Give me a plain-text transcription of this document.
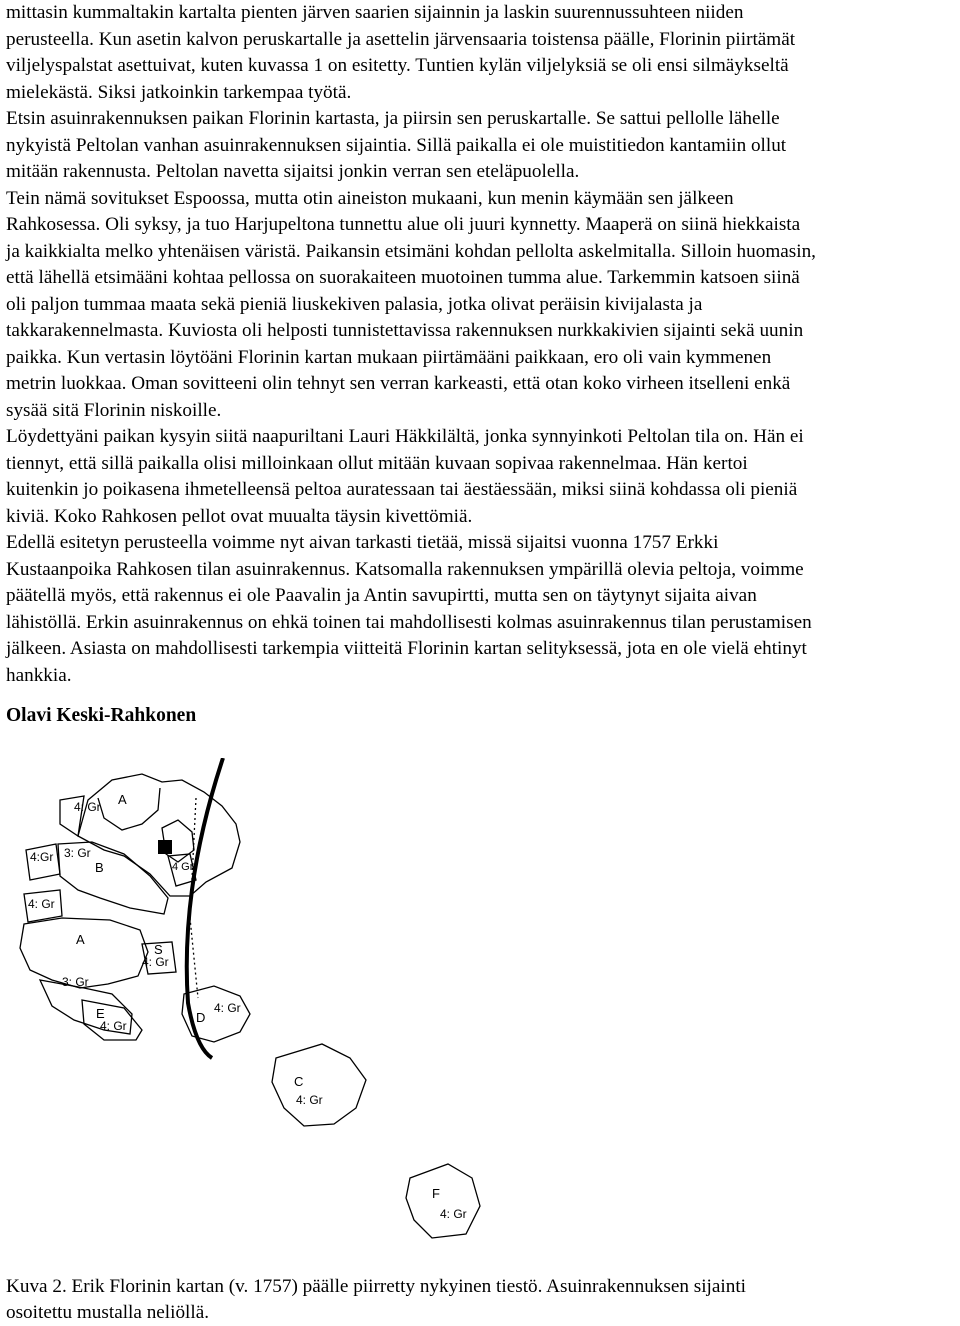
mittasin kummaltakin kartalta pienten järven saarien sijainnin ja laskin suurennussuhteen niiden
perusteella. Kun asetin kalvon peruskartalle ja asettelin järvensaaria toistensa päälle, Florinin piirtämät
viljelyspalstat asettuivat, kuten kuvassa 1 on esitetty. Tuntien kylän viljelyksiä se oli ensi silmäykseltä
mielekästä. Siksi jatkoinkin tarkempaa työtä.

Etsin asuinrakennuksen paikan Florinin kartasta, ja piirsin sen peruskartalle. Se sattui pellolle lähelle
nykyistä Peltolan vanhan asuinrakennuksen sijaintia. Sillä paikalla ei ole muistitiedon kantamiin ollut
mitään rakennusta. Peltolan navetta sijaitsi jonkin verran sen eteläpuolella.

Tein nämä sovitukset Espoossa, mutta otin aineiston mukaani, kun menin käymään sen jälkeen
Rahkosessa. Oli syksy, ja tuo Harjupeltona tunnettu alue oli juuri kynnetty. Maaperä on siinä hiekkaista
ja kaikkialta melko yhtenäisen väristä. Paikansin etsimäni kohdan pellolta askelmitalla. Silloin huomasin,
että lähellä etsimääni kohtaa pellossa on suorakaiteen muotoinen tumma alue. Tarkemmin katsoen siinä
oli paljon tummaa maata sekä pieniä liuskekiven palasia, jotka olivat peräisin kivijalasta ja
takkarakennelmasta. Kuviosta oli helposti tunnistettavissa rakennuksen nurkkakivien sijainti sekä uunin
paikka. Kun vertasin löytöäni Florinin kartan mukaan piirtämääni paikkaan, ero oli vain kymmenen
metrin luokkaa. Oman sovitteeni olin tehnyt sen verran karkeasti, että otan koko virheen itselleni enkä
sysää sitä Florinin niskoille.

Löydettyäni paikan kysyin siitä naapuriltani Lauri Häkkilältä, jonka synnyinkoti Peltolan tila on. Hän ei
tiennyt, että sillä paikalla olisi milloinkaan ollut mitään kuvaan sopivaa rakennelmaa. Hän kertoi
kuitenkin jo poikasena ihmetelleensä peltoa auratessaan tai äestäessään, miksi siinä kohdassa oli pieniä
kiviä. Koko Rahkosen pellot ovat muualta täysin kivettömiä.

Edellä esitetyn perusteella voimme nyt aivan tarkasti tietää, missä sijaitsi vuonna 1757 Erkki
Kustaanpoika Rahkosen tilan asuinrakennus. Katsomalla rakennuksen ympärillä olevia peltoja, voimme
päätellä myös, että rakennus ei ole Paavalin ja Antin savupirtti, mutta sen on täytynyt sijaita aivan
lähistöllä. Erkin asuinrakennus on ehkä toinen tai mahdollisesti kolmas asuinrakennus tilan perustamisen
jälkeen. Asiasta on mahdollisesti tarkempia viitteitä Florinin kartan selityksessä, jota en ole vielä ehtinyt
hankkia.

Olavi Keski-Rahkonen

4: Gr A
4:Gr 3: Gr
B	4 Gr
4: Gr
A
S
4: Gr
3: Gr
E
4: Gr
D
4: Gr
C
4: Gr
F
4: Gr

Kuva 2. Erik Florinin kartan (v. 1757) päälle piirretty nykyinen tiestö. Asuinrakennuksen sijainti
osoitettu mustalla neliöllä.
